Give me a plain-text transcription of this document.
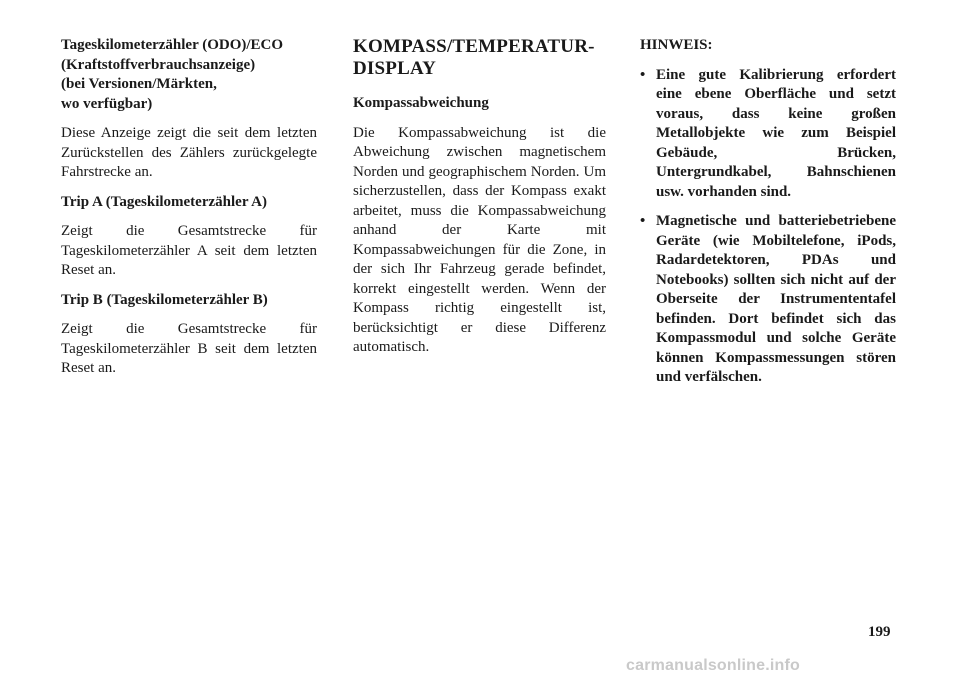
Tageskilometerzähler (ODO)/ECO
(Kraftstoffverbrauchsanzeige)
(bei Versionen/Märkten,
wo verfügbar)

Diese Anzeige zeigt die seit dem letzten Zurückstellen des Zählers zurückgelegte Fahrstrecke an.

Trip A (Tageskilometerzähler A)

Zeigt die Gesamtstrecke für Tageskilometerzähler A seit dem letzten Reset an.

Trip B (Tageskilometerzähler B)

Zeigt die Gesamtstrecke für Tageskilometerzähler B seit dem letzten Reset an.

KOMPASS/TEMPERATUR-
DISPLAY
Kompassabweichung

Die Kompassabweichung ist die Abweichung zwischen magnetischem Norden und geographischem Norden. Um sicherzustellen, dass der Kompass exakt arbeitet, muss die Kompassabweichung anhand der Karte mit Kompassabweichungen für die Zone, in der sich Ihr Fahrzeug gerade befindet, korrekt eingestellt werden. Wenn der Kompass richtig eingestellt ist, berücksichtigt er diese Differenz automatisch.

HINWEIS:
• Eine gute Kalibrierung erfordert eine ebene Oberfläche und setzt voraus, dass keine großen Metallobjekte wie zum Beispiel Gebäude, Brücken, Untergrundkabel, Bahnschienen usw. vorhanden sind.
• Magnetische und batteriebetriebene Geräte (wie Mobiltelefone, iPods, Radardetektoren, PDAs und Notebooks) sollten sich nicht auf der Oberseite der Instrumententafel befinden. Dort befindet sich das Kompassmodul und solche Geräte können Kompassmessungen stören und verfälschen.
199
carmanualsonline.info
